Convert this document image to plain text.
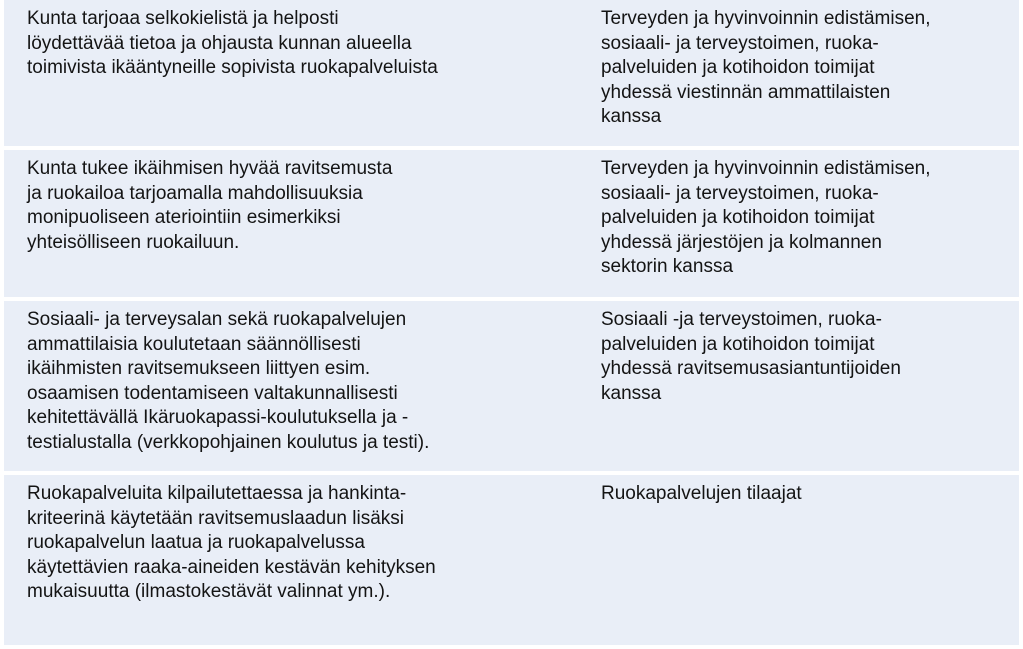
Kunta tarjoaa selkokielistä ja helposti
löydettävää tietoa ja ohjausta kunnan alueella
toimivista ikääntyneille sopivista ruokapalveluista
Terveyden ja hyvinvoinnin edistämisen,
sosiaali- ja terveystoimen, ruoka-
palveluiden ja kotihoidon toimijat
yhdessä viestinnän ammattilaisten
kanssa
Kunta tukee ikäihmisen hyvää ravitsemusta
ja ruokailoa tarjoamalla mahdollisuuksia
monipuoliseen ateriointiin esimerkiksi
yhteisölliseen ruokailuun.
Terveyden ja hyvinvoinnin edistämisen,
sosiaali- ja terveystoimen, ruoka-
palveluiden ja kotihoidon toimijat
yhdessä järjestöjen ja kolmannen
sektorin kanssa
Sosiaali- ja terveysalan sekä ruokapalvelujen
ammattilaisia koulutetaan säännöllisesti
ikäihmisten ravitsemukseen liittyen esim.
osaamisen todentamiseen valtakunnallisesti
kehitettävällä Ikäruokapassi-koulutuksella ja -
testialustalla (verkkopohjainen koulutus ja testi).
Sosiaali -ja terveystoimen, ruoka-
palveluiden ja kotihoidon toimijat
yhdessä ravitsemusasiantuntijoiden
kanssa
Ruokapalveluita kilpailutettaessa ja hankinta-
kriteerinä käytetään ravitsemuslaadun lisäksi
ruokapalvelun laatua ja ruokapalvelussa
käytettävien raaka-aineiden kestävän kehityksen
mukaisuutta (ilmastokestävät valinnat ym.).
Ruokapalvelujen tilaajat
